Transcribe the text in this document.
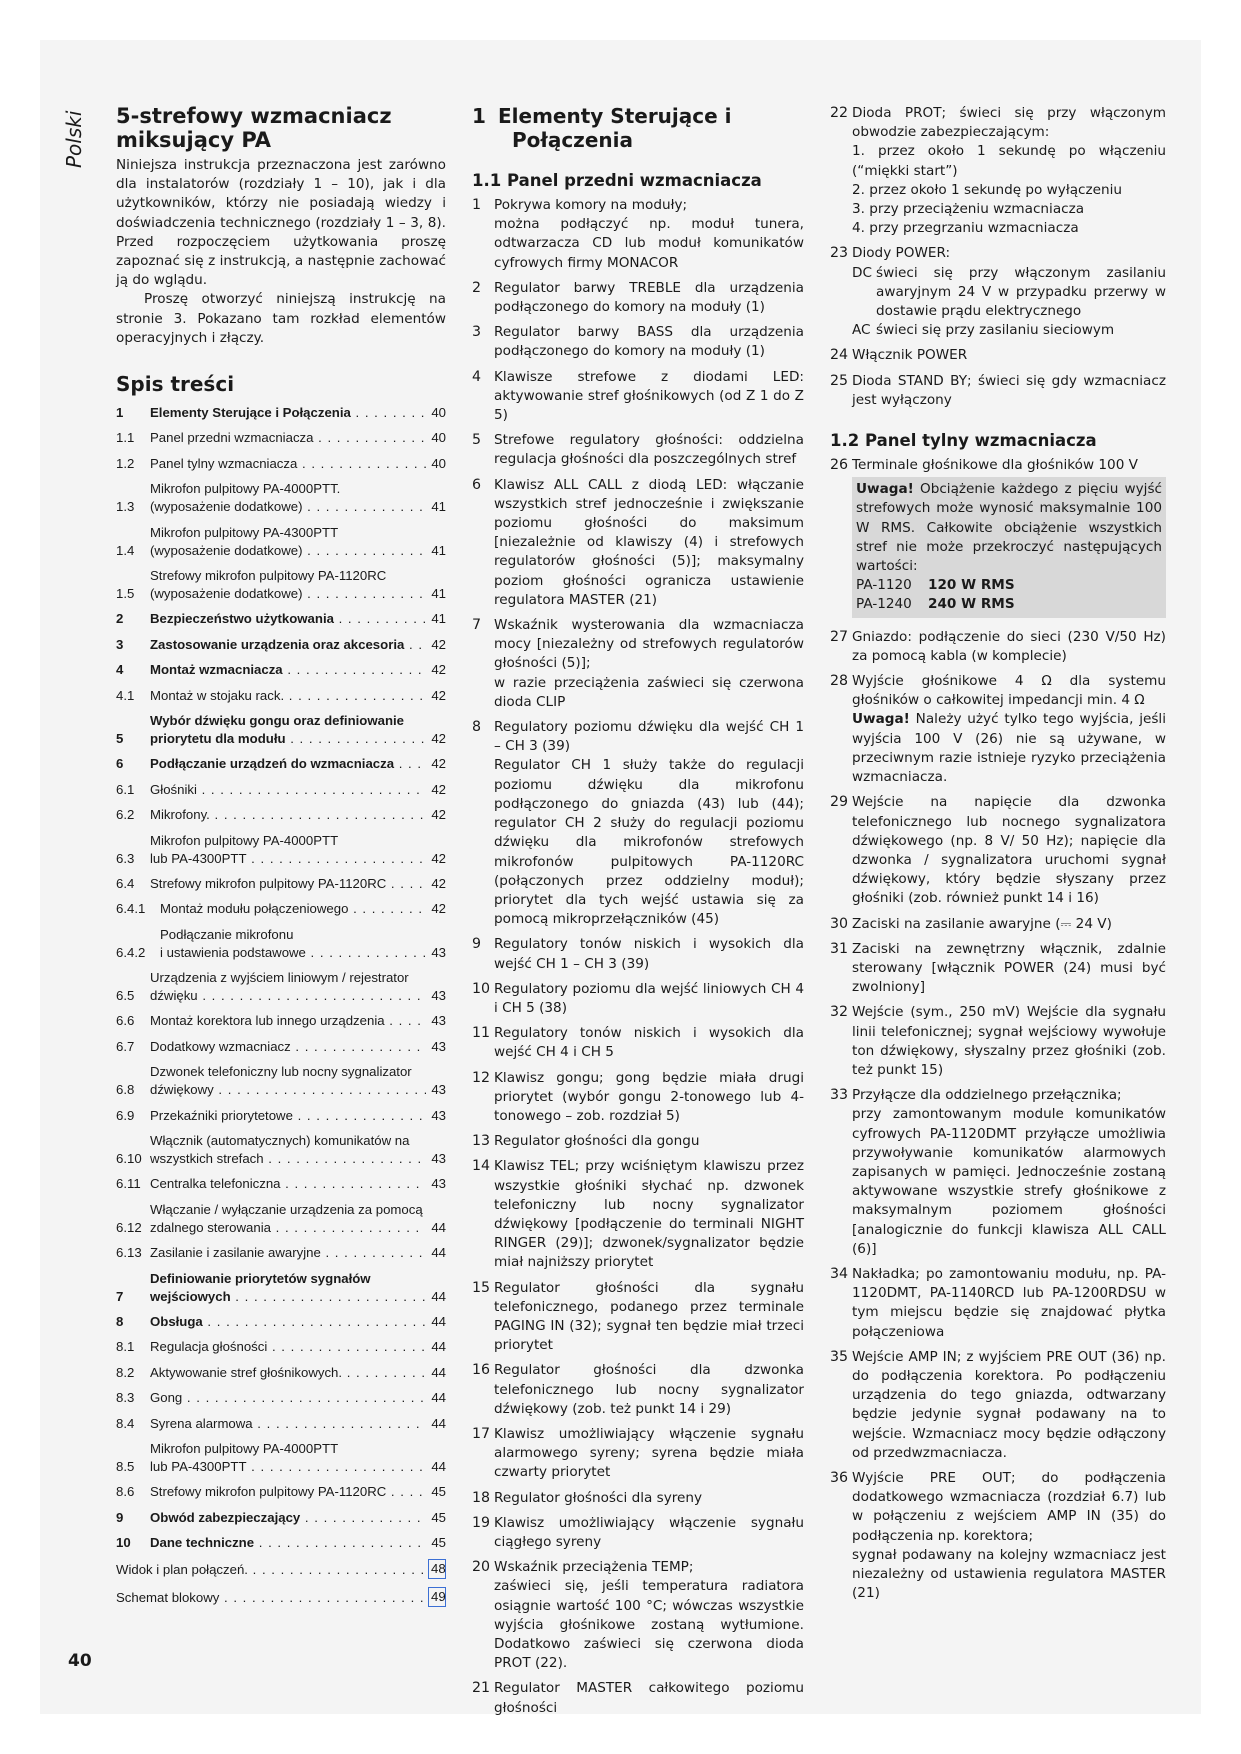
Polski 5-strefowy wzmacniacz
miksujący PA

Niniejsza instrukcja przeznaczona jest zarówno dla instalatorów (rozdziały 1 – 10), jak i dla użytkowników, którzy nie posiadają wiedzy i doświadczenia technicznego (rozdziały 1 – 3, 8). Przed rozpoczęciem użytkowania proszę zapoznać się z instrukcją, a następnie zachować ją do wglądu.

Proszę otworzyć niniejszą instrukcję na stronie 3. Pokazano tam rozkład elementów operacyjnych i złączy.

Spis treści
1	Elementy Sterujące i Połączenia . . .	40
1.1	Panel przedni wzmacniacza . . .	40
1.2	Panel tylny wzmacniacza . . .	40
1.3
Mikrofon pulpitowy PA-4000PTT.
(wyposażenie dodatkowe) . . .	41
1.4
Mikrofon pulpitowy PA-4300PTT
(wyposażenie dodatkowe) . . .	41
1.5
Strefowy mikrofon pulpitowy PA-1120RC
(wyposażenie dodatkowe) . . .	41
2	Bezpieczeństwo użytkowania . . .	41
3	Zastosowanie urządzenia oraz akcesoria . . .	42
4	Montaż wzmacniacza . . .	42
4.1	Montaż w stojaku rack. . . .	42
5
Wybór dźwięku gongu oraz definiowanie
priorytetu dla modułu . . .	42
6	Podłączanie urządzeń do wzmacniacza . . .	42
6.1	Głośniki . . .	42
6.2	Mikrofony. . . .	42
6.3
Mikrofon pulpitowy PA-4000PTT
lub PA-4300PTT . . .	42
6.4	Strefowy mikrofon pulpitowy PA-1120RC . . .	42
6.4.1	Montaż modułu połączeniowego . . .	42
6.4.2
Podłączanie mikrofonu
i ustawienia podstawowe . . .	43
6.5
Urządzenia z wyjściem liniowym / rejestrator
dźwięku . . .	43
6.6	Montaż korektora lub innego urządzenia . . .	43
6.7	Dodatkowy wzmacniacz . . .	43
6.8
Dzwonek telefoniczny lub nocny sygnalizator
dźwiękowy . . .	43
6.9	Przekaźniki priorytetowe . . .	43
6.10
Włącznik (automatycznych) komunikatów na
wszystkich strefach . . .	43
6.11 Centralka telefoniczna . . .	43
6.12
Włączanie / wyłączanie urządzenia za pomocą
zdalnego sterowania . . .	44
6.13 Zasilanie i zasilanie awaryjne . . .	44
7
Definiowanie priorytetów sygnałów
wejściowych . . .	44
8	Obsługa . . .	44
8.1	Regulacja głośności . . .	44
8.2	Aktywowanie stref głośnikowych. . . .	44
8.3	Gong . . .	44
8.4	Syrena alarmowa . . .	44
8.5
Mikrofon pulpitowy PA-4000PTT
lub PA-4300PTT . . .	44
8.6	Strefowy mikrofon pulpitowy PA-1120RC . . .	45
9	Obwód zabezpieczający . . .	45
10	Dane techniczne . . .	45
Widok i plan połączeń. . . .	48
Schemat blokowy . . .	49
1 Elementy Sterujące i
Połączenia
1.1 Panel przedni wzmacniacza
1 Pokrywa komory na moduły;
można podłączyć np. moduł tunera, odtwarzacza CD lub moduł komunikatów cyfrowych firmy MONACOR
2 Regulator barwy TREBLE dla urządzenia podłączonego do komory na moduły (1)
3 Regulator barwy BASS dla urządzenia podłączonego do komory na moduły (1)
4 Klawisze strefowe z diodami LED: aktywowanie stref głośnikowych (od Z 1 do Z 5)
5 Strefowe regulatory głośności: oddzielna regulacja głośności dla poszczególnych stref
6 Klawisz ALL CALL z diodą LED: włączanie wszystkich stref jednocześnie i zwiększanie poziomu głośności do maksimum [niezależnie od klawiszy (4) i strefowych regulatorów głośności (5)]; maksymalny poziom głośności ogranicza ustawienie regulatora MASTER (21)
7 Wskaźnik wysterowania dla wzmacniacza mocy [niezależny od strefowych regulatorów głośności (5)];
w razie przeciążenia zaświeci się czerwona dioda CLIP
8 Regulatory poziomu dźwięku dla wejść CH 1 – CH 3 (39)
Regulator CH 1 służy także do regulacji poziomu dźwięku dla mikrofonu podłączonego do gniazda (43) lub (44); regulator CH 2 służy do regulacji poziomu dźwięku dla mikrofonów strefowych mikrofonów pulpitowych PA-1120RC (połączonych przez oddzielny moduł); priorytet dla tych wejść ustawia się za pomocą mikroprzełączników (45)
9 Regulatory tonów niskich i wysokich dla wejść CH 1 – CH 3 (39)
10 Regulatory poziomu dla wejść liniowych CH 4 i CH 5 (38)
11 Regulatory tonów niskich i wysokich dla wejść CH 4 i CH 5
12 Klawisz gongu; gong będzie miała drugi priorytet (wybór gongu 2-tonowego lub 4-tonowego – zob. rozdział 5)
13 Regulator głośności dla gongu
14 Klawisz TEL; przy wciśniętym klawiszu przez wszystkie głośniki słychać np. dzwonek telefoniczny lub nocny sygnalizator dźwiękowy [podłączenie do terminali NIGHT RINGER (29)]; dzwonek/sygnalizator będzie miał najniższy priorytet
15 Regulator głośności dla sygnału telefonicznego, podanego przez terminale PAGING IN (32); sygnał ten będzie miał trzeci priorytet
16 Regulator głośności dla dzwonka telefonicznego lub nocny sygnalizator dźwiękowy (zob. też punkt 14 i 29)
17 Klawisz umożliwiający włączenie sygnału alarmowego syreny; syrena będzie miała czwarty priorytet
18 Regulator głośności dla syreny
19 Klawisz umożliwiający włączenie sygnału ciągłego syreny
20 Wskaźnik przeciążenia TEMP;
zaświeci się, jeśli temperatura radiatora osiągnie wartość 100 °C; wówczas wszystkie wyjścia głośnikowe zostaną wytłumione. Dodatkowo zaświeci się czerwona dioda PROT (22).
21 Regulator MASTER całkowitego poziomu głośności
22 Dioda PROT; świeci się przy włączonym obwodzie zabezpieczającym:
1. przez około 1 sekundę po włączeniu (“miękki start”)
2. przez około 1 sekundę po wyłączeniu
3. przy przeciążeniu wzmacniacza
4. przy przegrzaniu wzmacniacza
23 Diody POWER:
DC świeci się przy włączonym zasilaniu awaryjnym 24 V w przypadku przerwy w dostawie prądu elektrycznego
AC świeci się przy zasilaniu sieciowym
24 Włącznik POWER
25 Dioda STAND BY; świeci się gdy wzmacniacz jest wyłączony
1.2 Panel tylny wzmacniacza
26 Terminale głośnikowe dla głośników 100 V
Uwaga! Obciążenie każdego z pięciu wyjść strefowych może wynosić maksymalnie 100 W RMS. Całkowite obciążenie wszystkich stref nie może przekroczyć następujących wartości:
PA-1120	120 W RMS
PA-1240	240 W RMS
27 Gniazdo: podłączenie do sieci (230 V/50 Hz) za pomocą kabla (w komplecie)
28 Wyjście głośnikowe 4 Ω dla systemu głośników o całkowitej impedancji min. 4 Ω
Uwaga! Należy użyć tylko tego wyjścia, jeśli wyjścia 100 V (26) nie są używane, w przeciwnym razie istnieje ryzyko przeciążenia wzmacniacza.
29 Wejście na napięcie dla dzwonka telefonicznego lub nocnego sygnalizatora dźwiękowego (np. 8 V/ 50 Hz); napięcie dla dzwonka / sygnalizatora uruchomi sygnał dźwiękowy, który będzie słyszany przez głośniki (zob. również punkt 14 i 16)
30 Zaciski na zasilanie awaryjne (⎓ 24 V)
31 Zaciski na zewnętrzny włącznik, zdalnie sterowany [włącznik POWER (24) musi być zwolniony]
32 Wejście (sym., 250 mV) Wejście dla sygnału linii telefonicznej; sygnał wejściowy wywołuje ton dźwiękowy, słyszalny przez głośniki (zob. też punkt 15)
33 Przyłącze dla oddzielnego przełącznika;
przy zamontowanym module komunikatów cyfrowych PA-1120DMT przyłącze umożliwia przywoływanie komunikatów alarmowych zapisanych w pamięci. Jednocześnie zostaną aktywowane wszystkie strefy głośnikowe z maksymalnym poziomem głośności [analogicznie do funkcji klawisza ALL CALL (6)]
34 Nakładka; po zamontowaniu modułu, np. PA-1120DMT, PA-1140RCD lub PA-1200RDSU w tym miejscu będzie się znajdować płytka połączeniowa
35 Wejście AMP IN; z wyjściem PRE OUT (36) np. do podłączenia korektora. Po podłączeniu urządzenia do tego gniazda, odtwarzany będzie jedynie sygnał podawany na to wejście. Wzmacniacz mocy będzie odłączony od przedwzmacniacza.
36 Wyjście PRE OUT; do podłączenia dodatkowego wzmacniacza (rozdział 6.7) lub w połączeniu z wejściem AMP IN (35) do podłączenia np. korektora;
sygnał podawany na kolejny wzmacniacz jest niezależny od ustawienia regulatora MASTER (21)
40
